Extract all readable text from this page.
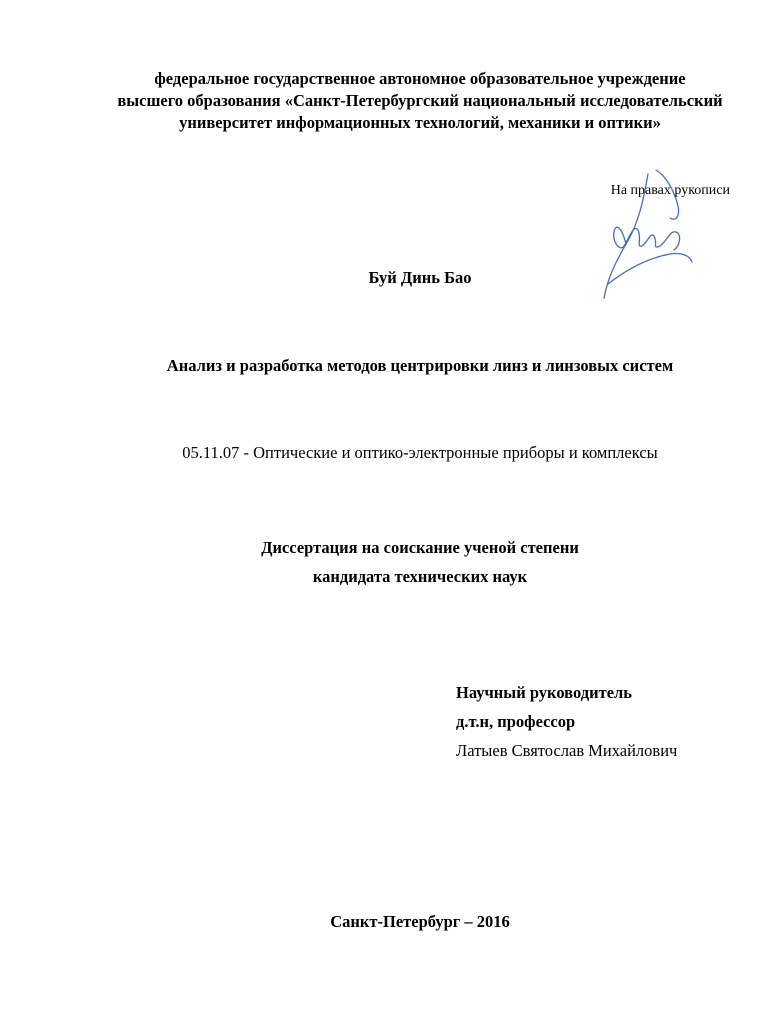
федеральное государственное автономное образовательное учреждение
высшего образования «Санкт-Петербургский национальный исследовательский
университет информационных технологий, механики и оптики»
На правах рукописи
Буй Динь Бао
Анализ и разработка методов центрировки линз и линзовых систем
05.11.07 - Оптические и оптико-электронные приборы и комплексы
Диссертация на соискание ученой степени
кандидата технических наук
Научный руководитель
д.т.н, профессор
Латыев Святослав Михайлович
Санкт-Петербург – 2016
